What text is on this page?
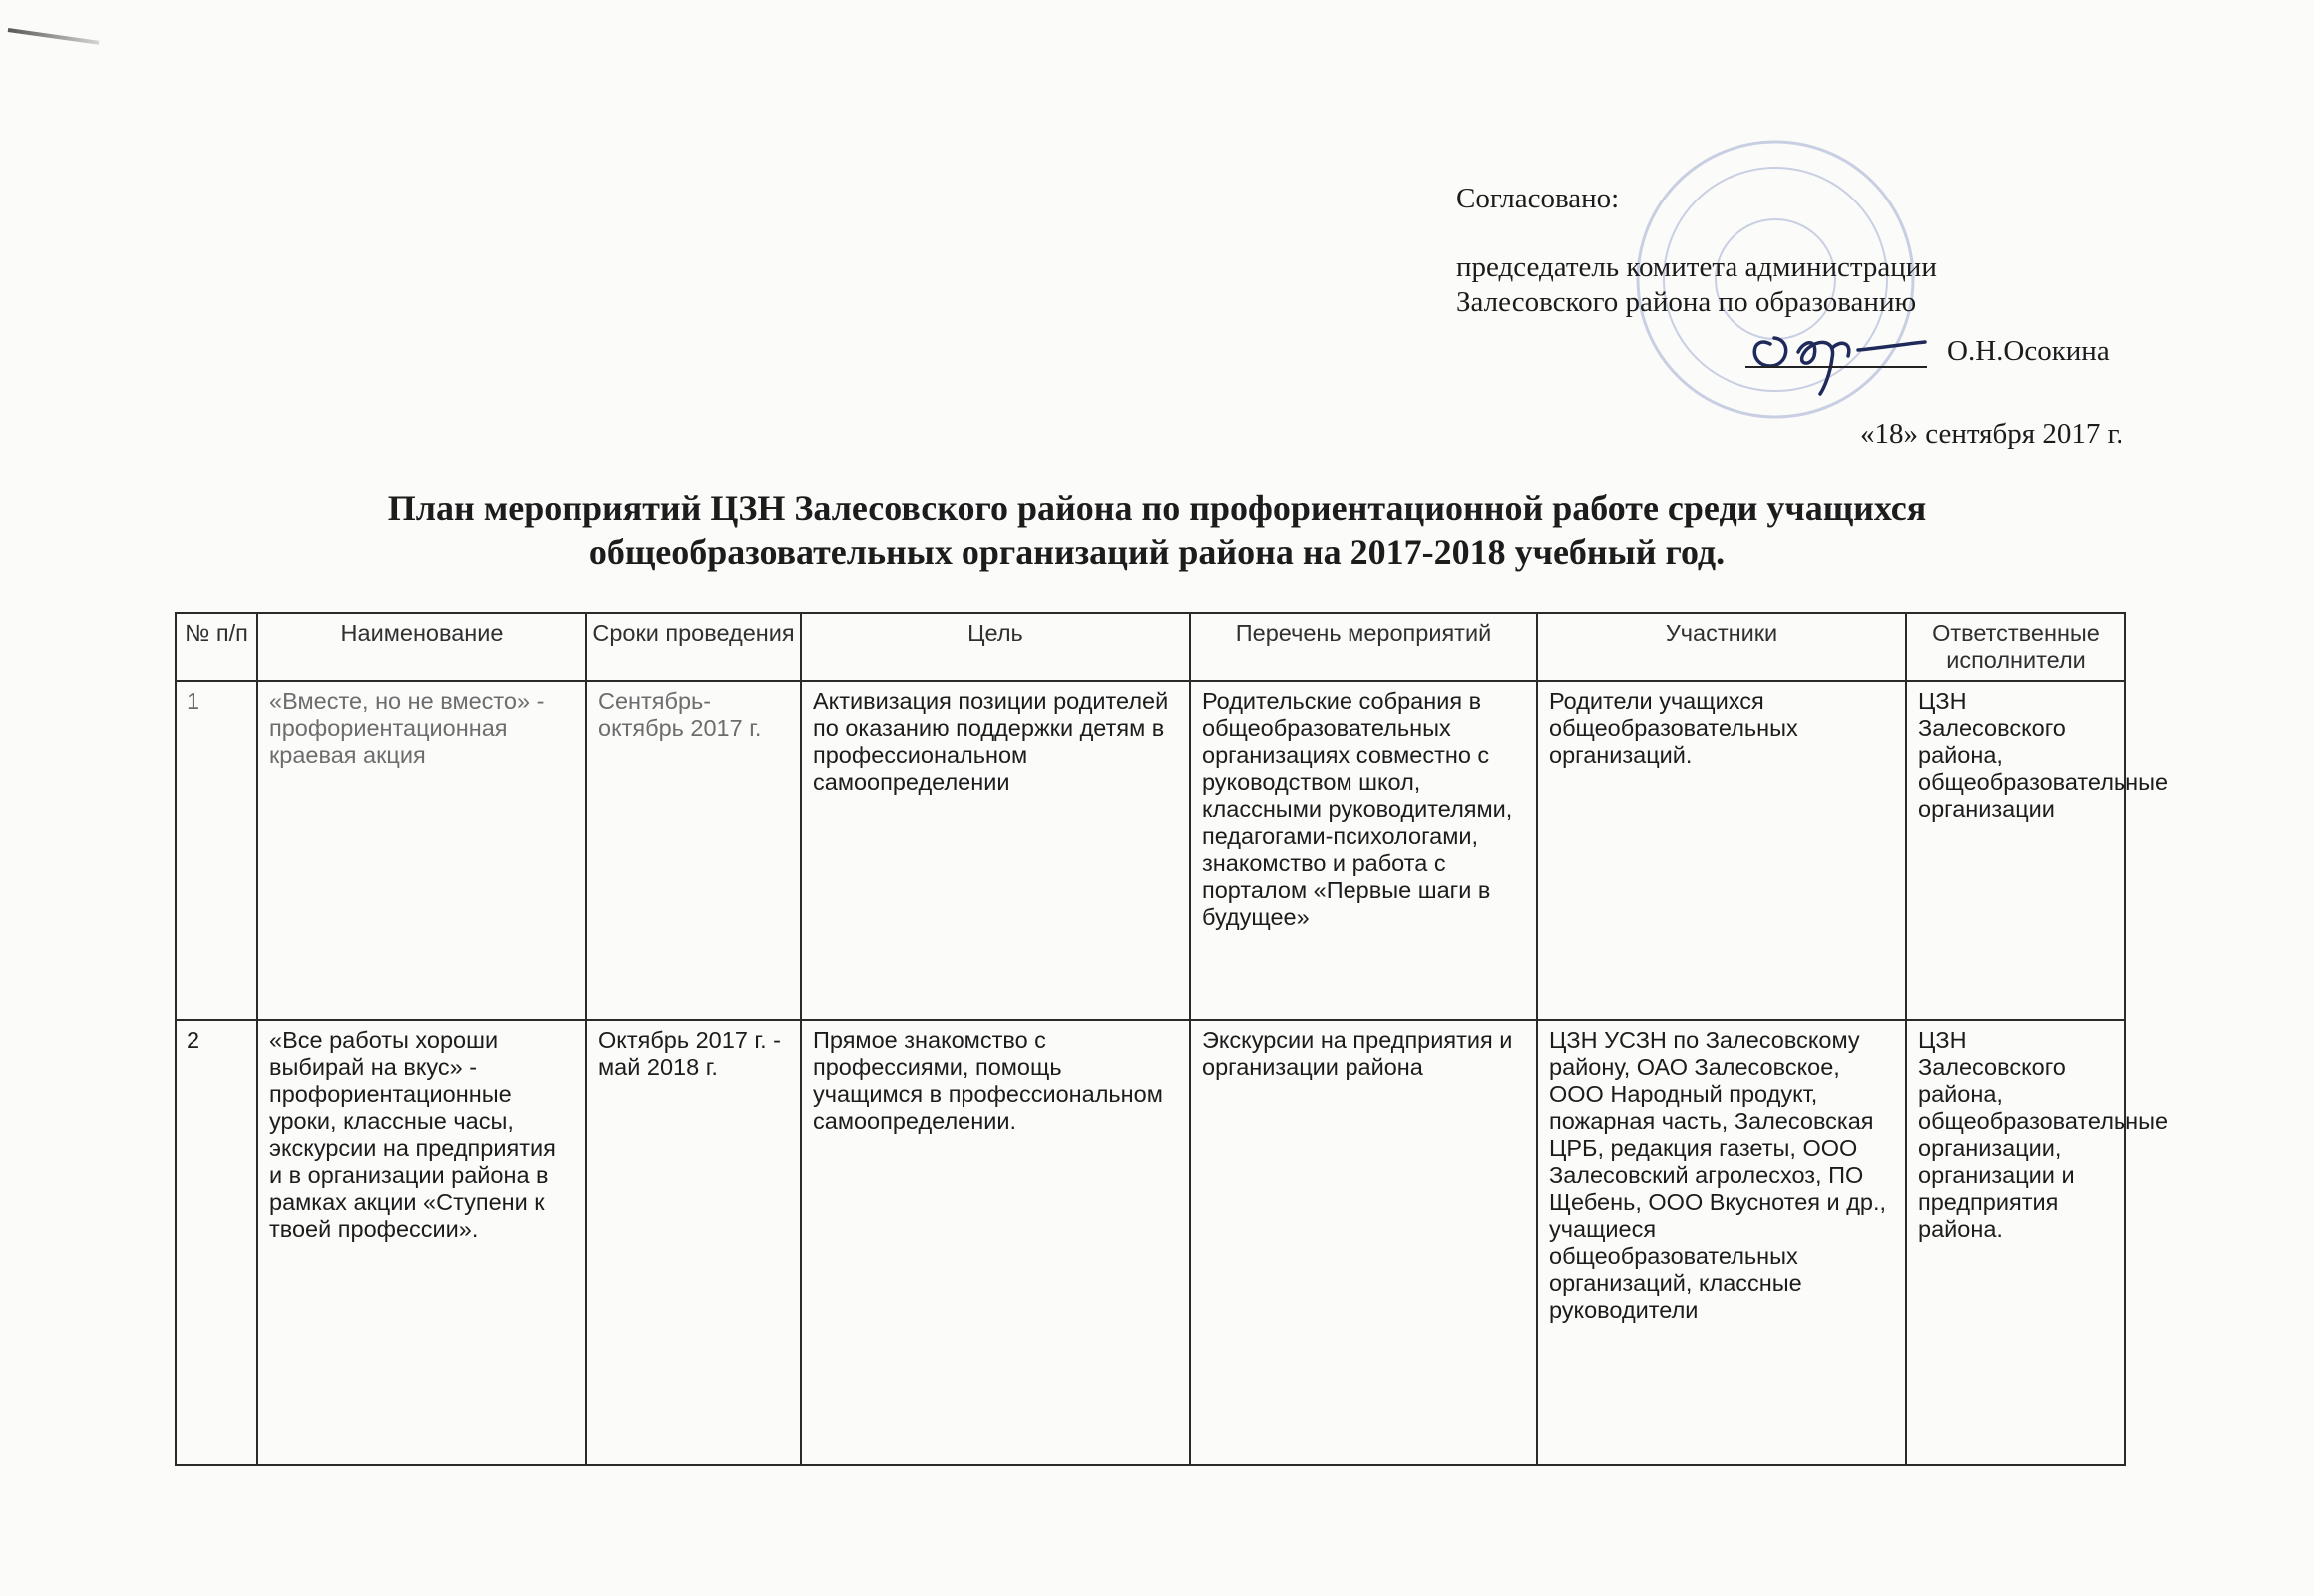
Согласовано:
председатель комитета администрации
Залесовского района по образованию
О.Н.Осокина
«18» сентября 2017 г.
План мероприятий ЦЗН Залесовского района по профориентационной работе среди учащихся
общеобразовательных организаций района на 2017-2018 учебный год.
№ п/п	Наименование	Сроки проведения	Цель	Перечень мероприятий	Участники	Ответственные исполнители
1	«Вместе, но не вместо» - профориентационная краевая акция	Сентябрь-октябрь 2017 г.	Активизация позиции родителей по оказанию поддержки детям в профессиональном самоопределении	Родительские собрания в общеобразовательных организациях совместно с руководством школ, классными руководителями, педагогами-психологами, знакомство и работа с порталом «Первые шаги в будущее»	Родители учащихся общеобразовательных организаций.	ЦЗН Залесовского района, общеобразовательные организации
2	«Все работы хороши выбирай на вкус» - профориентационные уроки, классные часы, экскурсии на предприятия и в организации района в рамках акции «Ступени к твоей профессии».	Октябрь 2017 г. - май 2018 г.	Прямое знакомство с профессиями, помощь учащимся в профессиональном самоопределении.	Экскурсии на предприятия и организации района	ЦЗН УСЗН по Залесовскому району, ОАО Залесовское, ООО Народный продукт, пожарная часть, Залесовская ЦРБ, редакция газеты, ООО Залесовский агролесхоз, ПО Щебень, ООО Вкуснотея и др., учащиеся общеобразовательных организаций, классные руководители	ЦЗН Залесовского района, общеобразовательные организации, организации и предприятия района.
